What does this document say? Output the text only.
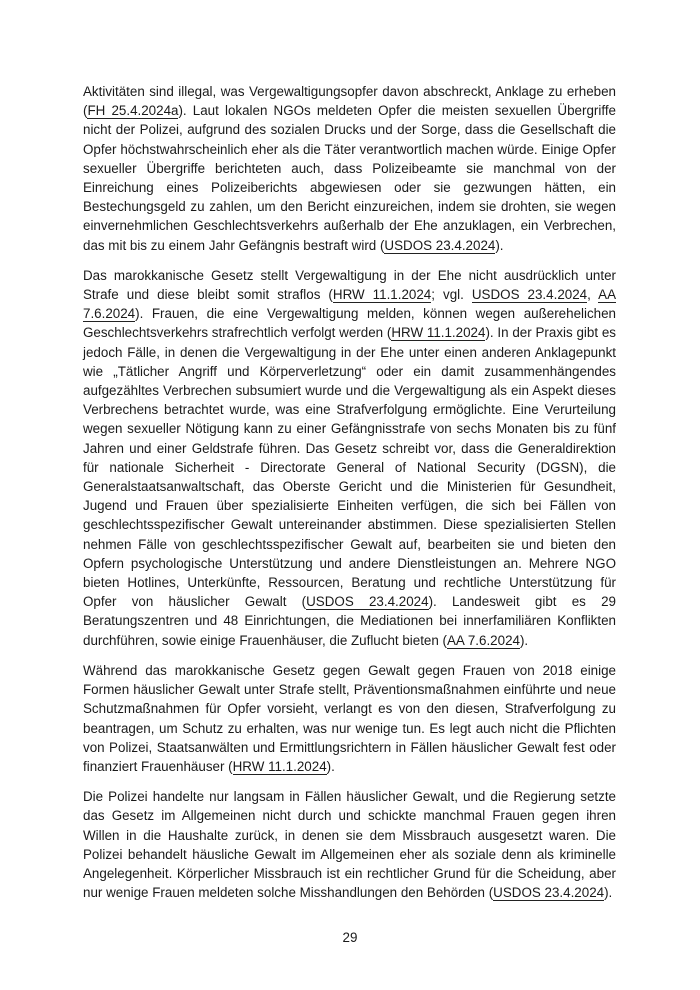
Aktivitäten sind illegal, was Vergewaltigungsopfer davon abschreckt, Anklage zu erheben (FH 25.4.2024a). Laut lokalen NGOs meldeten Opfer die meisten sexuellen Übergriffe nicht der Polizei, aufgrund des sozialen Drucks und der Sorge, dass die Gesellschaft die Opfer höchstwahrscheinlich eher als die Täter verantwortlich machen würde. Einige Opfer sexueller Übergriffe berichteten auch, dass Polizeibeamte sie manchmal von der Einreichung eines Polizeiberichts abgewiesen oder sie gezwungen hätten, ein Bestechungsgeld zu zahlen, um den Bericht einzureichen, indem sie drohten, sie wegen einvernehmlichen Geschlechtsverkehrs außerhalb der Ehe anzuklagen, ein Verbrechen, das mit bis zu einem Jahr Gefängnis bestraft wird (USDOS 23.4.2024).

Das marokkanische Gesetz stellt Vergewaltigung in der Ehe nicht ausdrücklich unter Strafe und diese bleibt somit straflos (HRW 11.1.2024; vgl. USDOS 23.4.2024, AA 7.6.2024). Frauen, die eine Vergewaltigung melden, können wegen außerehelichen Geschlechtsverkehrs strafrechtlich verfolgt werden (HRW 11.1.2024). In der Praxis gibt es jedoch Fälle, in denen die Vergewaltigung in der Ehe unter einen anderen Anklagepunkt wie „Tätlicher Angriff und Körperverletzung“ oder ein damit zusammenhängendes aufgezähltes Verbrechen subsumiert wurde und die Vergewaltigung als ein Aspekt dieses Verbrechens betrachtet wurde, was eine Strafverfolgung ermöglichte. Eine Verurteilung wegen sexueller Nötigung kann zu einer Gefängnisstrafe von sechs Monaten bis zu fünf Jahren und einer Geldstrafe führen. Das Gesetz schreibt vor, dass die Generaldirektion für nationale Sicherheit - Directorate General of National Security (DGSN), die Generalstaatsanwaltschaft, das Oberste Gericht und die Ministerien für Gesundheit, Jugend und Frauen über spezialisierte Einheiten verfügen, die sich bei Fällen von geschlechtsspezifischer Gewalt untereinander abstimmen. Diese spezialisierten Stellen nehmen Fälle von geschlechtsspezifischer Gewalt auf, bearbeiten sie und bieten den Opfern psychologische Unterstützung und andere Dienstleistungen an. Mehrere NGO bieten Hotlines, Unterkünfte, Ressourcen, Beratung und rechtliche Unterstützung für Opfer von häuslicher Gewalt (USDOS 23.4.2024). Landesweit gibt es 29 Beratungszentren und 48 Einrichtungen, die Mediationen bei innerfamiliären Konflikten durchführen, sowie einige Frauenhäuser, die Zuflucht bieten (AA 7.6.2024).

Während das marokkanische Gesetz gegen Gewalt gegen Frauen von 2018 einige Formen häuslicher Gewalt unter Strafe stellt, Präventionsmaßnahmen einführte und neue Schutzmaßnahmen für Opfer vorsieht, verlangt es von den diesen, Strafverfolgung zu beantragen, um Schutz zu erhalten, was nur wenige tun. Es legt auch nicht die Pflichten von Polizei, Staatsanwälten und Ermittlungsrichtern in Fällen häuslicher Gewalt fest oder finanziert Frauenhäuser (HRW 11.1.2024).

Die Polizei handelte nur langsam in Fällen häuslicher Gewalt, und die Regierung setzte das Gesetz im Allgemeinen nicht durch und schickte manchmal Frauen gegen ihren Willen in die Haushalte zurück, in denen sie dem Missbrauch ausgesetzt waren. Die Polizei behandelt häusliche Gewalt im Allgemeinen eher als soziale denn als kriminelle Angelegenheit. Körperlicher Missbrauch ist ein rechtlicher Grund für die Scheidung, aber nur wenige Frauen meldeten solche Misshandlungen den Behörden (USDOS 23.4.2024).

29
